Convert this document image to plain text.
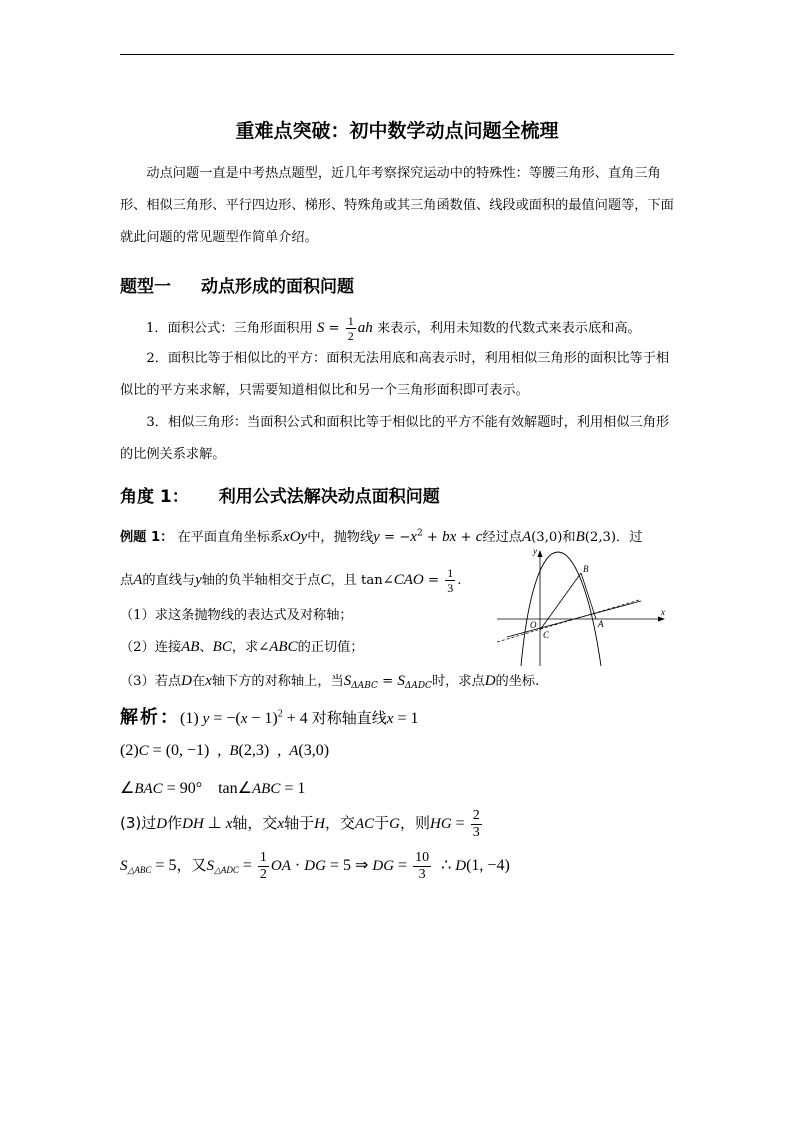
重难点突破：初中数学动点问题全梳理
动点问题一直是中考热点题型，近几年考察探究运动中的特殊性：等腰三角形、直角三角形、相似三角形、平行四边形、梯形、特殊角或其三角函数值、线段或面积的最值问题等，下面就此问题的常见题型作简单介绍。
题型一 动点形成的面积问题
1．面积公式：三角形面积用 $S = \frac{1}{2}$ ah 来表示，利用未知数的代数式来表示底和高。
2．面积比等于相似比的平方：面积无法用底和高表示时，利用相似三角形的面积比等于相似比的平方来求解，只需要知道相似比和另一个三角形面积即可表示。
3．相似三角形：当面积公式和面积比等于相似比的平方不能有效解题时，利用相似三角形的比例关系求解。
角度 1： 利用公式法解决动点面积问题
例题 1： 在平面直角坐标系xOy中，抛物线$y = -x^2$ + bx + c经过点A(3,0)和B(2,3)．过
点A的直线与y轴的负半轴相交于点C，且 tan∠CAO = $\frac{1}{3}$ .
（1）求这条抛物线的表达式及对称轴；
（2）连接AB、BC，求∠ABC的正切值；
（3）若点D在x轴下方的对称轴上，当$S_{\Delta ABC} = S_{\Delta ADC}$时，求点D的坐标.
y
x
O	A
B
C
解析：(1) $y = -(x - 1)^2 + 4$ 对称轴直线x = 1
(2)C = (0, −1)  ,  B(2,3)  ,  A(3,0)
∠BAC = 90°    tan∠ABC = 1
(3)过D作DH ⊥ x轴，交x轴于H，交AC于G，则HG = $\frac{2}{3}$
$S_{\triangle ABC} = 5$，又$S_{\triangle ADC} = \frac{1}{2}$ OA · DG = 5 ⇒ DG = $\frac{10}{3}$ ∴ D(1, −4)
